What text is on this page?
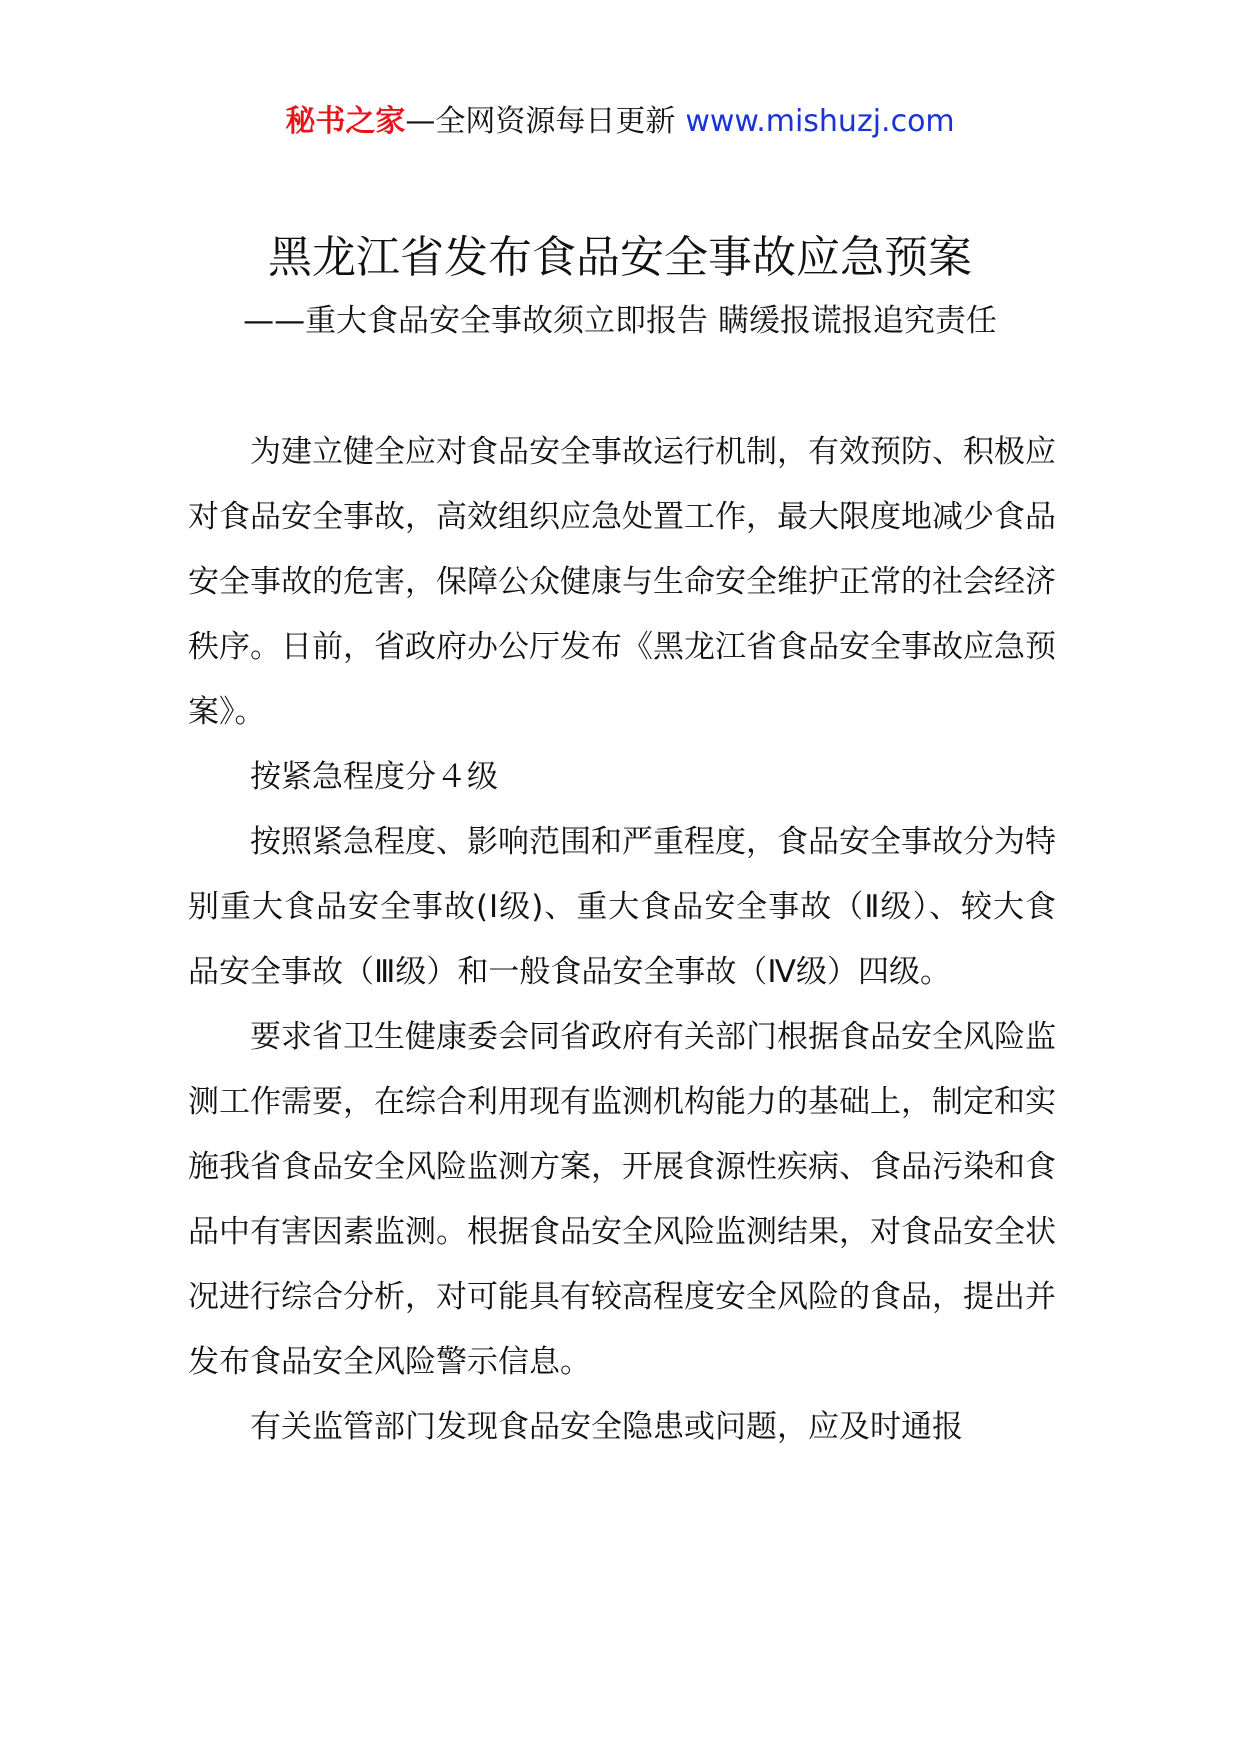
秘书之家—全网资源每日更新 www.mishuzj.com
黑龙江省发布食品安全事故应急预案
——重大食品安全事故须立即报告 瞒缓报谎报追究责任

为建立健全应对食品安全事故运行机制，有效预防、积极应对食品安全事故，高效组织应急处置工作，最大限度地减少食品安全事故的危害，保障公众健康与生命安全维护正常的社会经济秩序。日前，省政府办公厅发布《黑龙江省食品安全事故应急预案》。

按紧急程度分４级

按照紧急程度、影响范围和严重程度，食品安全事故分为特别重大食品安全事故(Ⅰ级)、重大食品安全事故（Ⅱ级）、较大食品安全事故（Ⅲ级）和一般食品安全事故（Ⅳ级）四级。

要求省卫生健康委会同省政府有关部门根据食品安全风险监测工作需要，在综合利用现有监测机构能力的基础上，制定和实施我省食品安全风险监测方案，开展食源性疾病、食品污染和食品中有害因素监测。根据食品安全风险监测结果，对食品安全状况进行综合分析，对可能具有较高程度安全风险的食品，提出并发布食品安全风险警示信息。

有关监管部门发现食品安全隐患或问题，应及时通报
